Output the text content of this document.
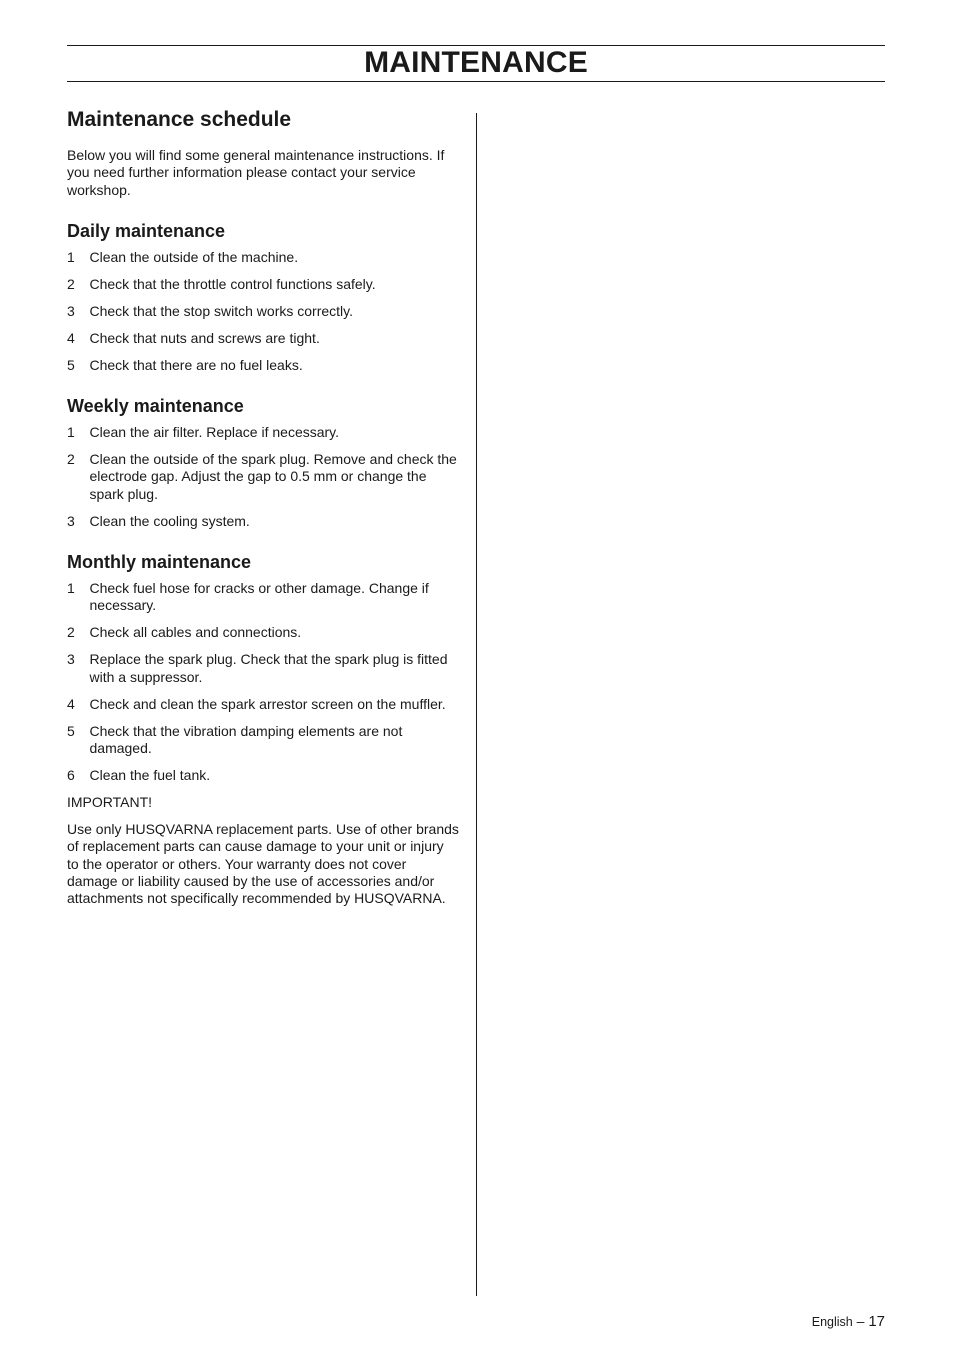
MAINTENANCE
Maintenance schedule

Below you will find some general maintenance instructions. If you need further information please contact your service workshop.

Daily maintenance
1	Clean the outside of the machine.
2	Check that the throttle control functions safely.
3	Check that the stop switch works correctly.
4	Check that nuts and screws are tight.
5	Check that there are no fuel leaks.
Weekly maintenance
1	Clean the air filter. Replace if necessary.
2	Clean the outside of the spark plug. Remove and check the electrode gap. Adjust the gap to 0.5 mm or change the spark plug.
3	Clean the cooling system.
Monthly maintenance
1	Check fuel hose for cracks or other damage. Change if necessary.
2	Check all cables and connections.
3	Replace the spark plug. Check that the spark plug is fitted with a suppressor.
4	Check and clean the spark arrestor screen on the muffler.
5	Check that the vibration damping elements are not damaged.
6	Clean the fuel tank.

IMPORTANT!

Use only HUSQVARNA replacement parts. Use of other brands of replacement parts can cause damage to your unit or injury to the operator or others. Your warranty does not cover damage or liability caused by the use of accessories and/or attachments not specifically recommended by HUSQVARNA.

English – 17
